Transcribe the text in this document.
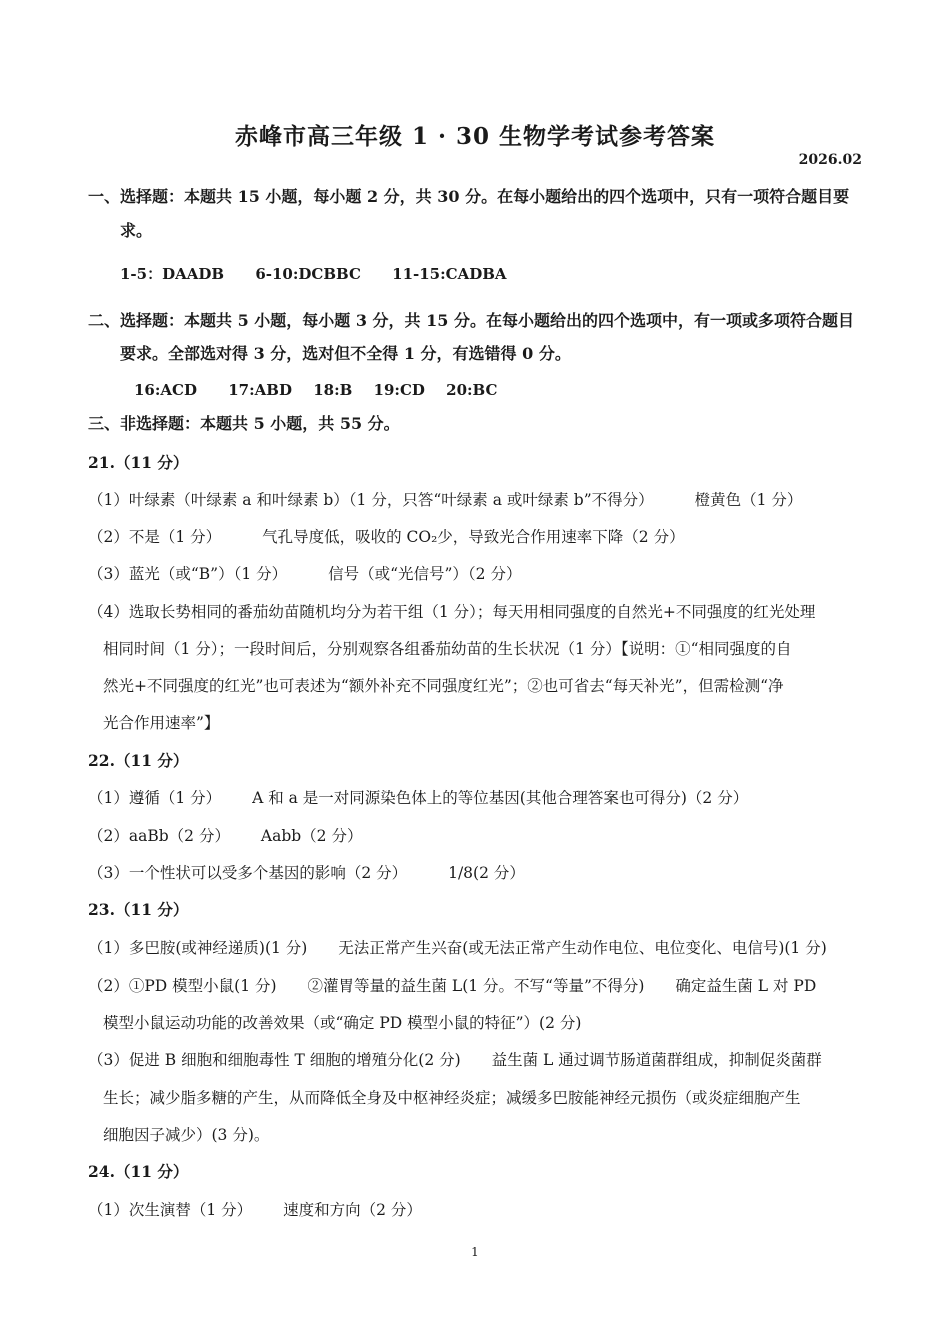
赤峰市高三年级 1 · 30 生物学考试参考答案
2026.02
一、选择题：本题共 15 小题，每小题 2 分，共 30 分。在每小题给出的四个选项中，只有一项符合题目要
求。
1-5：DAADB 6-10:DCBBC 11-15:CADBA
二、选择题：本题共 5 小题，每小题 3 分，共 15 分。在每小题给出的四个选项中，有一项或多项符合题目
要求。全部选对得 3 分，选对但不全得 1 分，有选错得 0 分。
16:ACD 17:ABD 18:B 19:CD 20:BC
三、非选择题：本题共 5 小题，共 55 分。
21.（11 分）
（1）叶绿素（叶绿素 a 和叶绿素 b）（1 分，只答“叶绿素 a 或叶绿素 b”不得分）	橙黄色（1 分）
（2）不是（1 分）	气孔导度低，吸收的 CO₂少，导致光合作用速率下降（2 分）
（3）蓝光（或“B”）（1 分）	信号（或“光信号”）（2 分）
（4）选取长势相同的番茄幼苗随机均分为若干组（1 分）；每天用相同强度的自然光+不同强度的红光处理
相同时间（1 分）；一段时间后，分别观察各组番茄幼苗的生长状况（1 分）【说明：①“相同强度的自
然光+不同强度的红光”也可表述为“额外补充不同强度红光”；②也可省去“每天补光”，但需检测“净
光合作用速率”】
22.（11 分）
（1）遵循（1 分） A 和 a 是一对同源染色体上的等位基因(其他合理答案也可得分)（2 分）
（2）aaBb（2 分） Aabb（2 分）
（3）一个性状可以受多个基因的影响（2 分）	1/8(2 分）
23.（11 分）
（1）多巴胺(或神经递质)(1 分) 无法正常产生兴奋(或无法正常产生动作电位、电位变化、电信号)(1 分)
（2）①PD 模型小鼠(1 分) ②灌胃等量的益生菌 L(1 分。不写“等量”不得分) 确定益生菌 L 对 PD
模型小鼠运动功能的改善效果（或“确定 PD 模型小鼠的特征”）(2 分)
（3）促进 B 细胞和细胞毒性 T 细胞的增殖分化(2 分) 益生菌 L 通过调节肠道菌群组成，抑制促炎菌群
生长；减少脂多糖的产生，从而降低全身及中枢神经炎症；减缓多巴胺能神经元损伤（或炎症细胞产生
细胞因子减少）(3 分)。
24.（11 分）
（1）次生演替（1 分） 速度和方向（2 分）
1
